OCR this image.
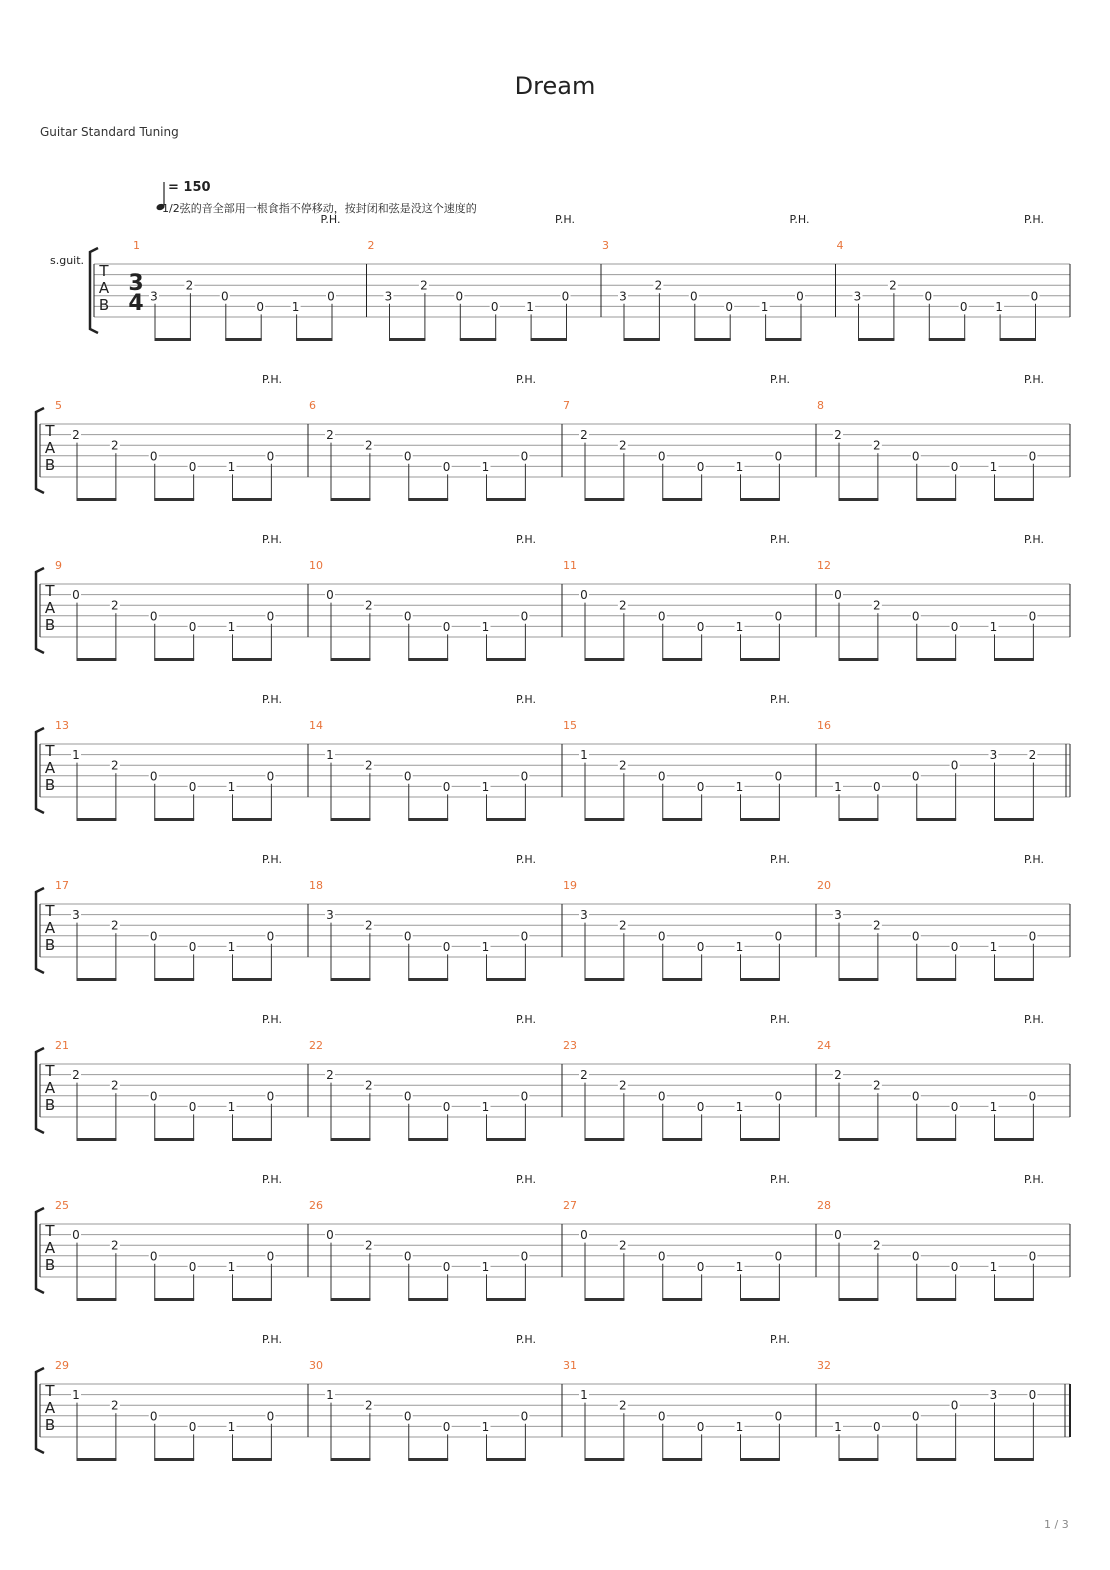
Dream
Guitar Standard Tuning
= 150
1/2弦的音全部用一根食指不停移动，按封闭和弦是没这个速度的
s.guit.
T
A
B
3
4
1
P.H.
3
2
0
0 1
0
2
P.H.
3
2
0
0 1
0
3
P.H.
3
2
0
0 1
0
4
P.H.
3
2
0
0 1
0
T
A
B
5
P.H.
2
2
0
0	1
0
6
P.H.
2
2
0
0	1
0
7
P.H.
2
2
0
0	1
0
8
P.H.
2
2
0
0	1
0
T
A
B
9
P.H.
0
2
0
0	1
0
10
P.H.
0
2
0
0	1
0
11
P.H.
0
2
0
0	1
0
12
P.H.
0
2
0
0	1
0
T
A
B
13
P.H.
1
2
0
0	1
0
14
P.H.
1
2
0
0	1
0
15
P.H.
1
2
0
0	1
0
16
1	0
0
0
3	2
T
A
B
17
P.H.
3
2
0
0	1
0
18
P.H.
3
2
0
0	1
0
19
P.H.
3
2
0
0	1
0
20
P.H.
3
2
0
0	1
0
T
A
B
21
P.H.
2
2
0
0	1
0
22
P.H.
2
2
0
0	1
0
23
P.H.
2
2
0
0	1
0
24
P.H.
2
2
0
0	1
0
T
A
B
25
P.H.
0
2
0
0	1
0
26
P.H.
0
2
0
0	1
0
27
P.H.
0
2
0
0	1
0
28
P.H.
0
2
0
0	1
0
T
A
B
29
P.H.
1
2
0
0	1
0
30
P.H.
1
2
0
0	1
0
31
P.H.
1
2
0
0	1
0
32
1	0
0
0
3	0
1 / 3
